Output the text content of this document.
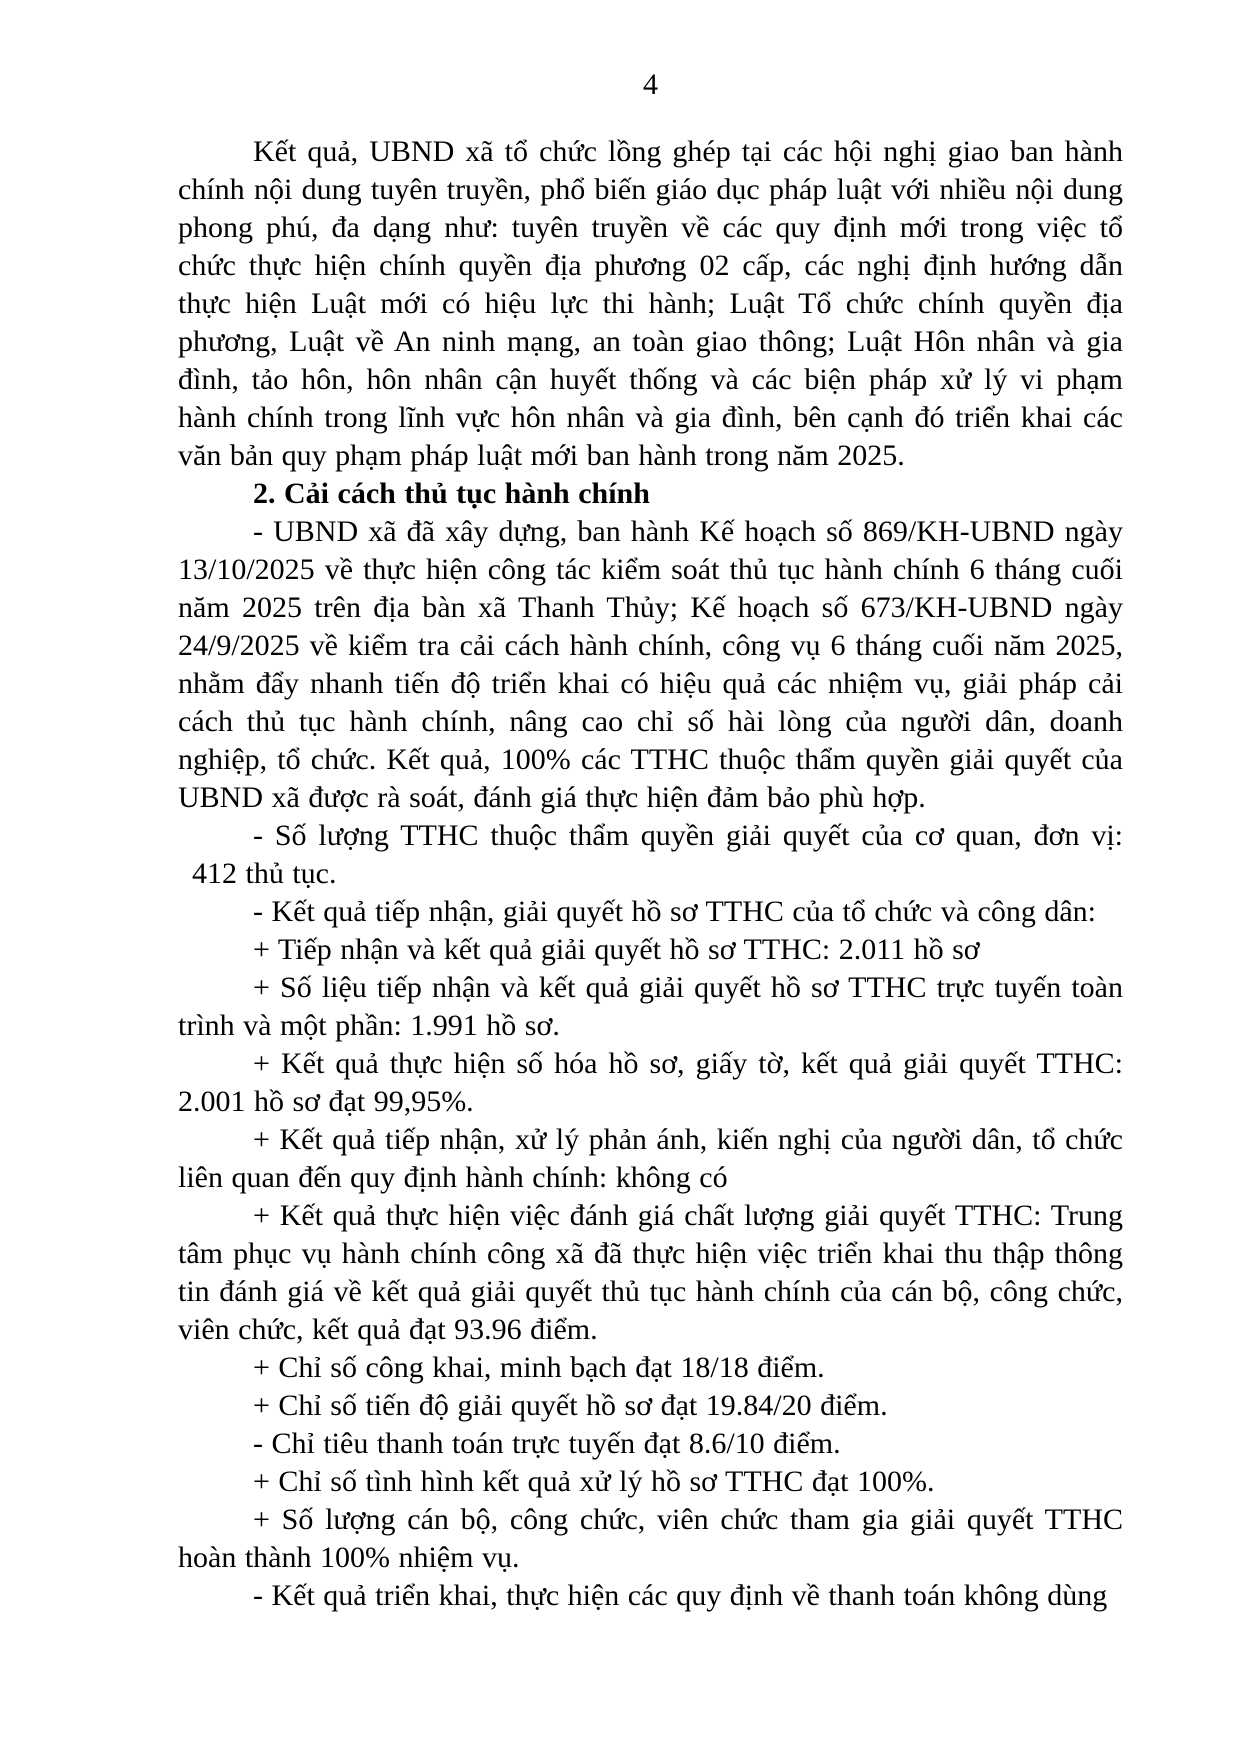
4

Kết quả, UBND xã tổ chức lồng ghép tại các hội nghị giao ban hành chính nội dung tuyên truyền, phổ biến giáo dục pháp luật với nhiều nội dung phong phú, đa dạng như: tuyên truyền về các quy định mới trong việc tổ chức thực hiện chính quyền địa phương 02 cấp, các nghị định hướng dẫn thực hiện Luật mới có hiệu lực thi hành; Luật Tổ chức chính quyền địa phương, Luật về An ninh mạng, an toàn giao thông; Luật Hôn nhân và gia đình, tảo hôn, hôn nhân cận huyết thống và các biện pháp xử lý vi phạm hành chính trong lĩnh vực hôn nhân và gia đình, bên cạnh đó triển khai các văn bản quy phạm pháp luật mới ban hành trong năm 2025.

2. Cải cách thủ tục hành chính

- UBND xã đã xây dựng, ban hành Kế hoạch số 869/KH-UBND ngày 13/10/2025 về thực hiện công tác kiểm soát thủ tục hành chính 6 tháng cuối năm 2025 trên địa bàn xã Thanh Thủy; Kế hoạch số 673/KH-UBND ngày 24/9/2025 về kiểm tra cải cách hành chính, công vụ 6 tháng cuối năm 2025, nhằm đẩy nhanh tiến độ triển khai có hiệu quả các nhiệm vụ, giải pháp cải cách thủ tục hành chính, nâng cao chỉ số hài lòng của người dân, doanh nghiệp, tổ chức. Kết quả, 100% các TTHC thuộc thẩm quyền giải quyết của UBND xã được rà soát, đánh giá thực hiện đảm bảo phù hợp.

- Số lượng TTHC thuộc thẩm quyền giải quyết của cơ quan, đơn vị: 412 thủ tục.

- Kết quả tiếp nhận, giải quyết hồ sơ TTHC của tổ chức và công dân:

+ Tiếp nhận và kết quả giải quyết hồ sơ TTHC: 2.011 hồ sơ

+ Số liệu tiếp nhận và kết quả giải quyết hồ sơ TTHC trực tuyến toàn trình và một phần: 1.991 hồ sơ.

+ Kết quả thực hiện số hóa hồ sơ, giấy tờ, kết quả giải quyết TTHC: 2.001 hồ sơ đạt 99,95%.

+ Kết quả tiếp nhận, xử lý phản ánh, kiến nghị của người dân, tổ chức liên quan đến quy định hành chính: không có

+ Kết quả thực hiện việc đánh giá chất lượng giải quyết TTHC: Trung tâm phục vụ hành chính công xã đã thực hiện việc triển khai thu thập thông tin đánh giá về kết quả giải quyết thủ tục hành chính của cán bộ, công chức, viên chức, kết quả đạt 93.96 điểm.

+ Chỉ số công khai, minh bạch đạt 18/18 điểm.

+ Chỉ số tiến độ giải quyết hồ sơ đạt 19.84/20 điểm.

- Chỉ tiêu thanh toán trực tuyến đạt 8.6/10 điểm.

+ Chỉ số tình hình kết quả xử lý hồ sơ TTHC đạt 100%.

+ Số lượng cán bộ, công chức, viên chức tham gia giải quyết TTHC hoàn thành 100% nhiệm vụ.

- Kết quả triển khai, thực hiện các quy định về thanh toán không dùng
